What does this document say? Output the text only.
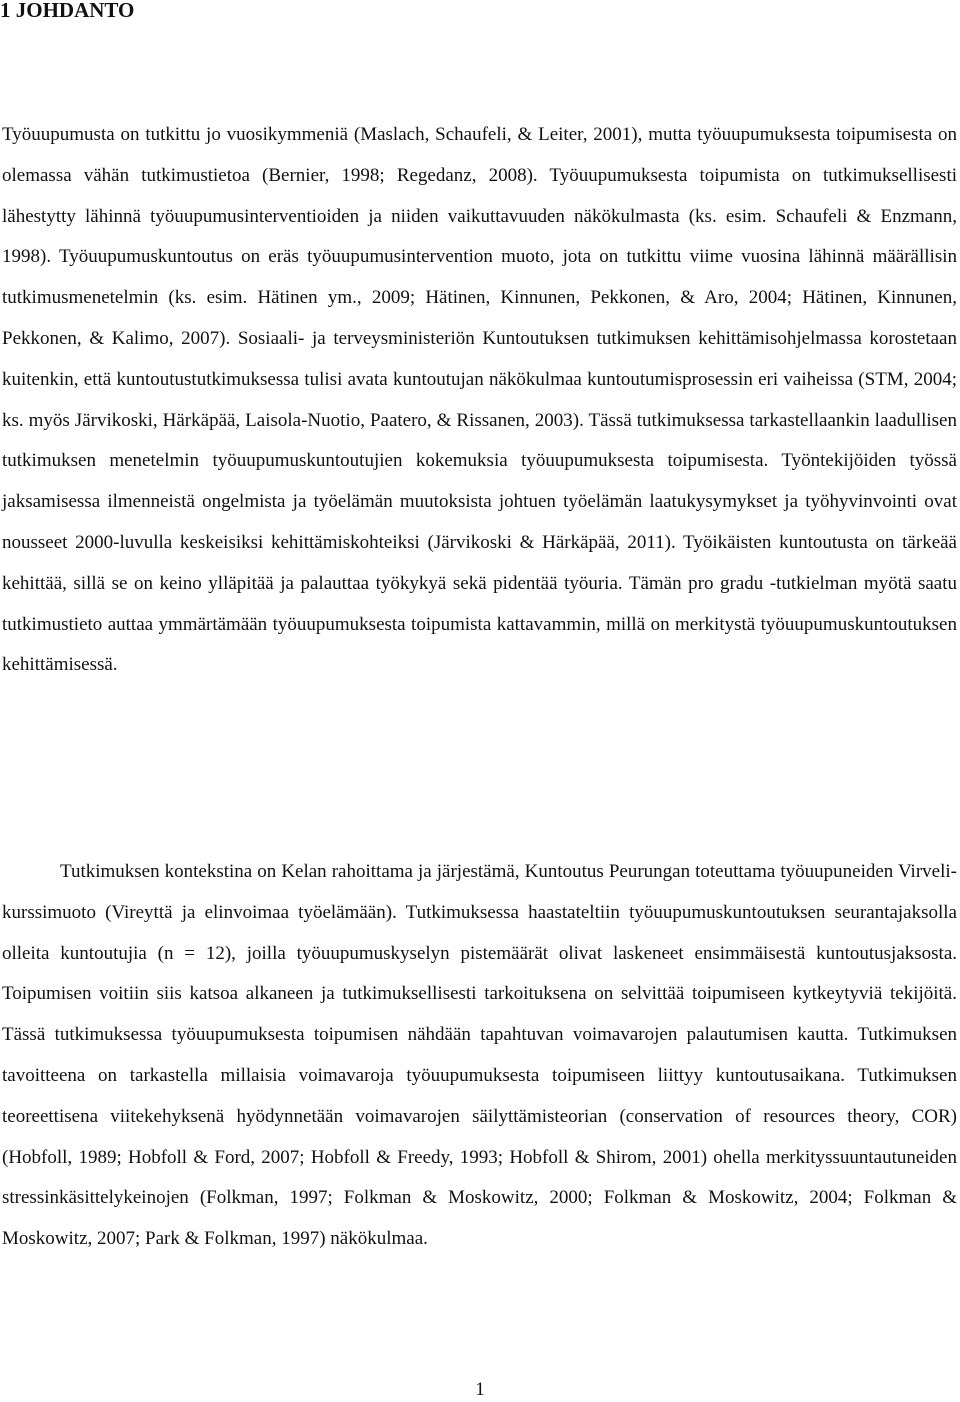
1 JOHDANTO

Työuupumusta on tutkittu jo vuosikymmeniä (Maslach, Schaufeli, & Leiter, 2001), mutta työuupumuksesta toipumisesta on olemassa vähän tutkimustietoa (Bernier, 1998; Regedanz, 2008). Työuupumuksesta toipumista on tutkimuksellisesti lähestytty lähinnä työuupumusinterventioiden ja niiden vaikuttavuuden näkökulmasta (ks. esim. Schaufeli & Enzmann, 1998). Työuupumuskuntoutus on eräs työuupumusintervention muoto, jota on tutkittu viime vuosina lähinnä määrällisin tutkimusmenetelmin (ks. esim. Hätinen ym., 2009; Hätinen, Kinnunen, Pekkonen, & Aro, 2004; Hätinen, Kinnunen, Pekkonen, & Kalimo, 2007). Sosiaali- ja terveysministeriön Kuntoutuksen tutkimuksen kehittämisohjelmassa korostetaan kuitenkin, että kuntoutustutkimuksessa tulisi avata kuntoutujan näkökulmaa kuntoutumisprosessin eri vaiheissa (STM, 2004; ks. myös Järvikoski, Härkäpää, Laisola-Nuotio, Paatero, & Rissanen, 2003). Tässä tutkimuksessa tarkastellaankin laadullisen tutkimuksen menetelmin työuupumuskuntoutujien kokemuksia työuupumuksesta toipumisesta. Työntekijöiden työssä jaksamisessa ilmenneistä ongelmista ja työelämän muutoksista johtuen työelämän laatukysymykset ja työhyvinvointi ovat nousseet 2000-luvulla keskeisiksi kehittämiskohteiksi (Järvikoski & Härkäpää, 2011). Työikäisten kuntoutusta on tärkeää kehittää, sillä se on keino ylläpitää ja palauttaa työkykyä sekä pidentää työuria. Tämän pro gradu -tutkielman myötä saatu tutkimustieto auttaa ymmärtämään työuupumuksesta toipumista kattavammin, millä on merkitystä työuupumuskuntoutuksen kehittämisessä.

Tutkimuksen kontekstina on Kelan rahoittama ja järjestämä, Kuntoutus Peurungan toteuttama työuupuneiden Virveli-kurssimuoto (Vireyttä ja elinvoimaa työelämään). Tutkimuksessa haastateltiin työuupumuskuntoutuksen seurantajaksolla olleita kuntoutujia (n = 12), joilla työuupumuskyselyn pistemäärät olivat laskeneet ensimmäisestä kuntoutusjaksosta. Toipumisen voitiin siis katsoa alkaneen ja tutkimuksellisesti tarkoituksena on selvittää toipumiseen kytkeytyviä tekijöitä. Tässä tutkimuksessa työuupumuksesta toipumisen nähdään tapahtuvan voimavarojen palautumisen kautta. Tutkimuksen tavoitteena on tarkastella millaisia voimavaroja työuupumuksesta toipumiseen liittyy kuntoutusaikana. Tutkimuksen teoreettisena viitekehyksenä hyödynnetään voimavarojen säilyttämisteorian (conservation of resources theory, COR) (Hobfoll, 1989; Hobfoll & Ford, 2007; Hobfoll & Freedy, 1993; Hobfoll & Shirom, 2001) ohella merkityssuuntautuneiden stressinkäsittelykeinojen (Folkman, 1997; Folkman & Moskowitz, 2000; Folkman & Moskowitz, 2004; Folkman & Moskowitz, 2007; Park & Folkman, 1997) näkökulmaa.

1
